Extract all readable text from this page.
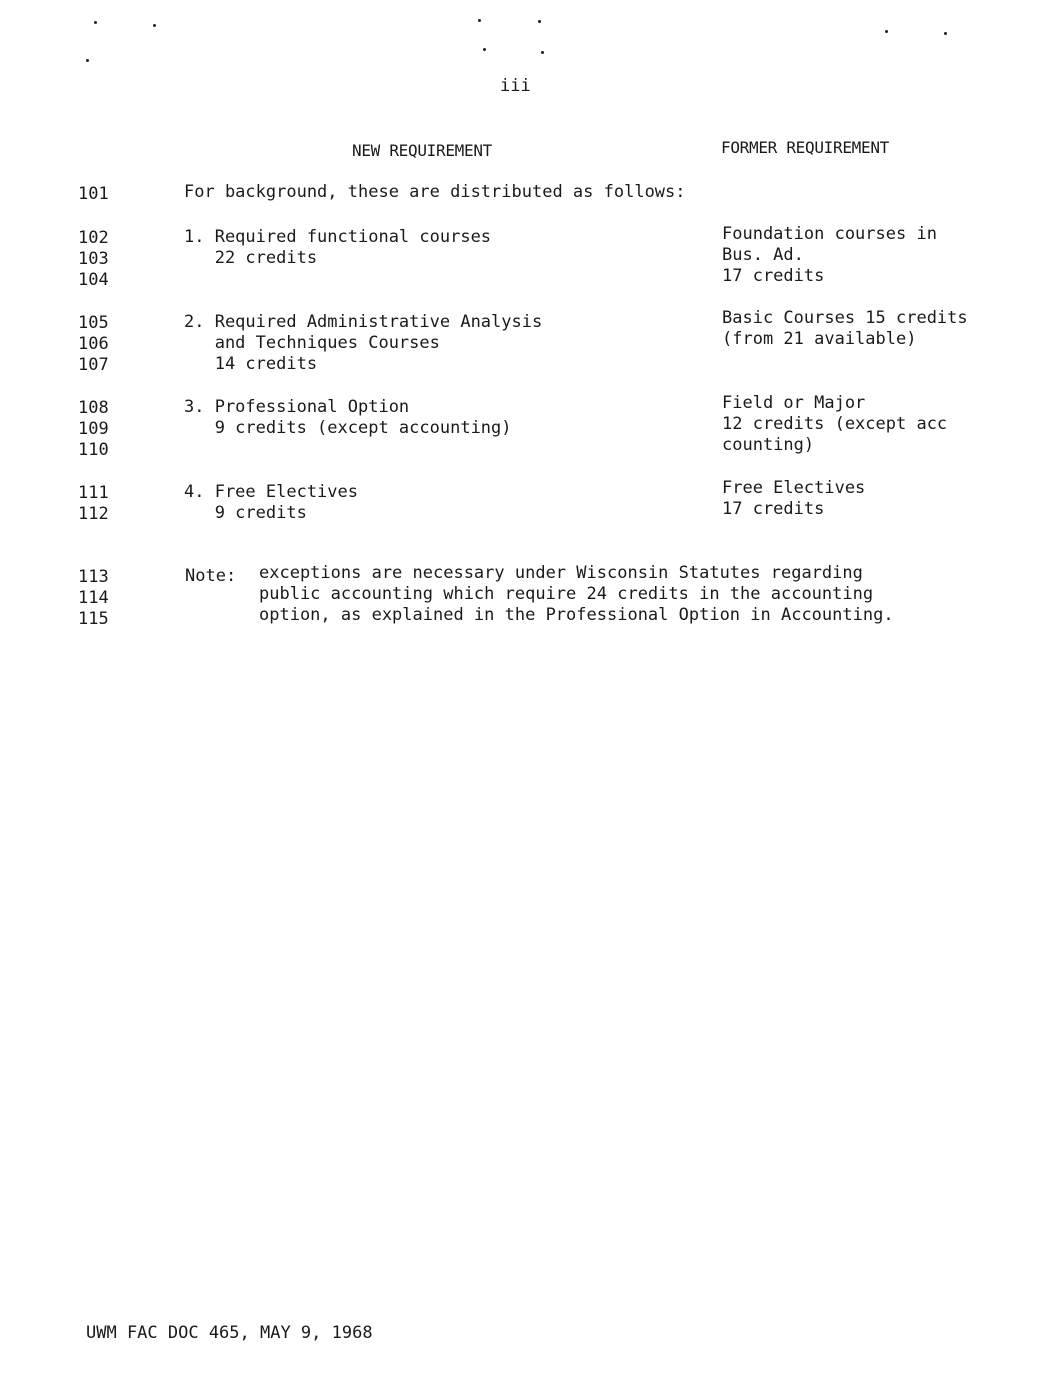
iii
NEW REQUIREMENT	FORMER REQUIREMENT
101
102
103
104
105
106
107
108
109
110
111
112
113
114
115
For background, these are distributed as follows:
1. Required functional courses
22 credits
Foundation courses in
Bus. Ad.
17 credits
2. Required Administrative Analysis
and Techniques Courses
14 credits
Basic Courses 15 credits
(from 21 available)
3. Professional Option
9 credits (except accounting)
Field or Major
12 credits (except acc
counting)
4. Free Electives
9 credits
Free Electives
17 credits
Note: exceptions are necessary under Wisconsin Statutes regarding
public accounting which require 24 credits in the accounting
option, as explained in the Professional Option in Accounting.
UWM FAC DOC 465, MAY 9, 1968
